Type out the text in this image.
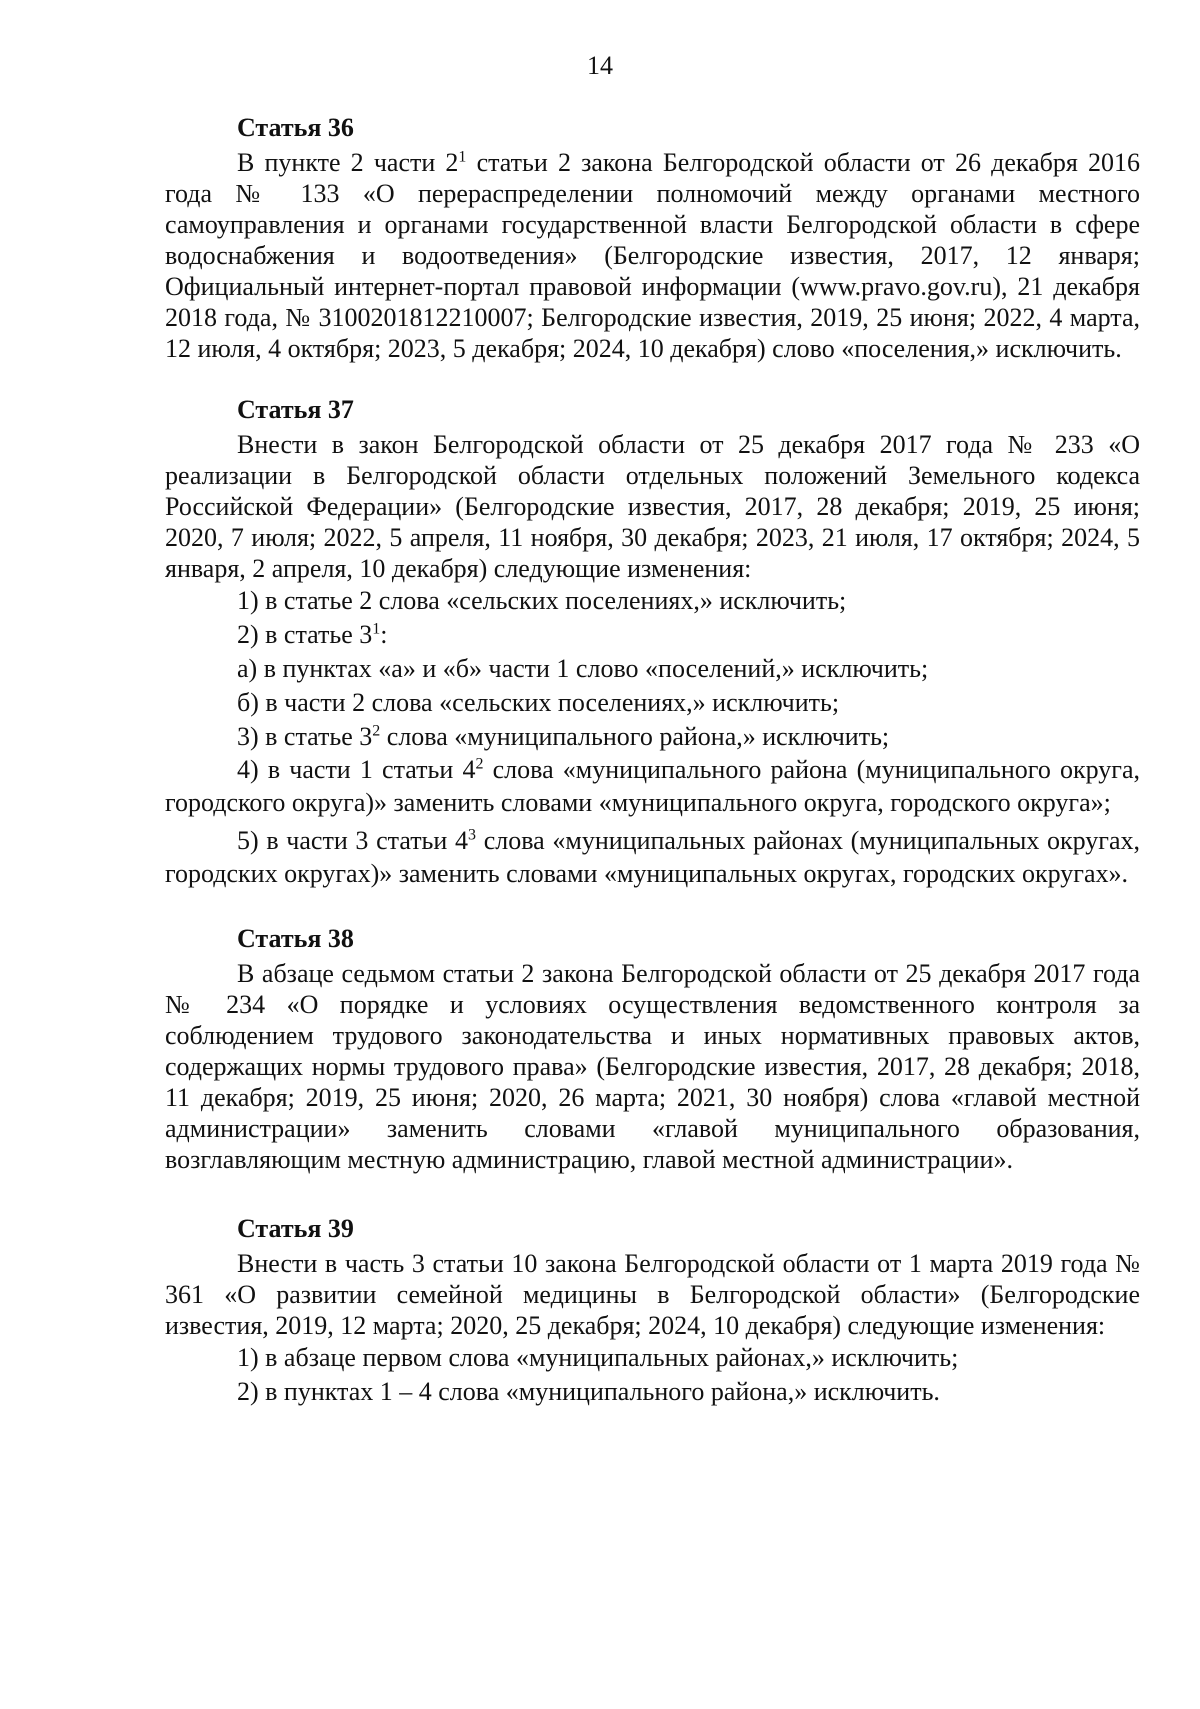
14

Статья 36

В пункте 2 части $2^1$ статьи 2 закона Белгородской области от 26 декабря 2016 года № 133 «О перераспределении полномочий между органами местного самоуправления и органами государственной власти Белгородской области в сфере водоснабжения и водоотведения» (Белгородские известия, 2017, 12 января; Официальный интернет-портал правовой информации (www.pravo.gov.ru), 21 декабря 2018 года, № 3100201812210007; Белгородские известия, 2019, 25 июня; 2022, 4 марта, 12 июля, 4 октября; 2023, 5 декабря; 2024, 10 декабря) слово «поселения,» исключить.

Статья 37

Внести в закон Белгородской области от 25 декабря 2017 года № 233 «О реализации в Белгородской области отдельных положений Земельного кодекса Российской Федерации» (Белгородские известия, 2017, 28 декабря; 2019, 25 июня; 2020, 7 июля; 2022, 5 апреля, 11 ноября, 30 декабря; 2023, 21 июля, 17 октября; 2024, 5 января, 2 апреля, 10 декабря) следующие изменения:

1) в статье 2 слова «сельских поселениях,» исключить;

2) в статье $3^1$:

а) в пунктах «а» и «б» части 1 слово «поселений,» исключить;

б) в части 2 слова «сельских поселениях,» исключить;

3) в статье $3^2$ слова «муниципального района,» исключить;

4) в части 1 статьи $4^2$ слова «муниципального района (муниципального округа, городского округа)» заменить словами «муниципального округа, городского округа»;

5) в части 3 статьи $4^3$ слова «муниципальных районах (муниципальных округах, городских округах)» заменить словами «муниципальных округах, городских округах».

Статья 38

В абзаце седьмом статьи 2 закона Белгородской области от 25 декабря 2017 года № 234 «О порядке и условиях осуществления ведомственного контроля за соблюдением трудового законодательства и иных нормативных правовых актов, содержащих нормы трудового права» (Белгородские известия, 2017, 28 декабря; 2018, 11 декабря; 2019, 25 июня; 2020, 26 марта; 2021, 30 ноября) слова «главой местной администрации» заменить словами «главой муниципального образования, возглавляющим местную администрацию, главой местной администрации».

Статья 39

Внести в часть 3 статьи 10 закона Белгородской области от 1 марта 2019 года № 361 «О развитии семейной медицины в Белгородской области» (Белгородские известия, 2019, 12 марта; 2020, 25 декабря; 2024, 10 декабря) следующие изменения:

1) в абзаце первом слова «муниципальных районах,» исключить;

2) в пунктах 1 – 4 слова «муниципального района,» исключить.
